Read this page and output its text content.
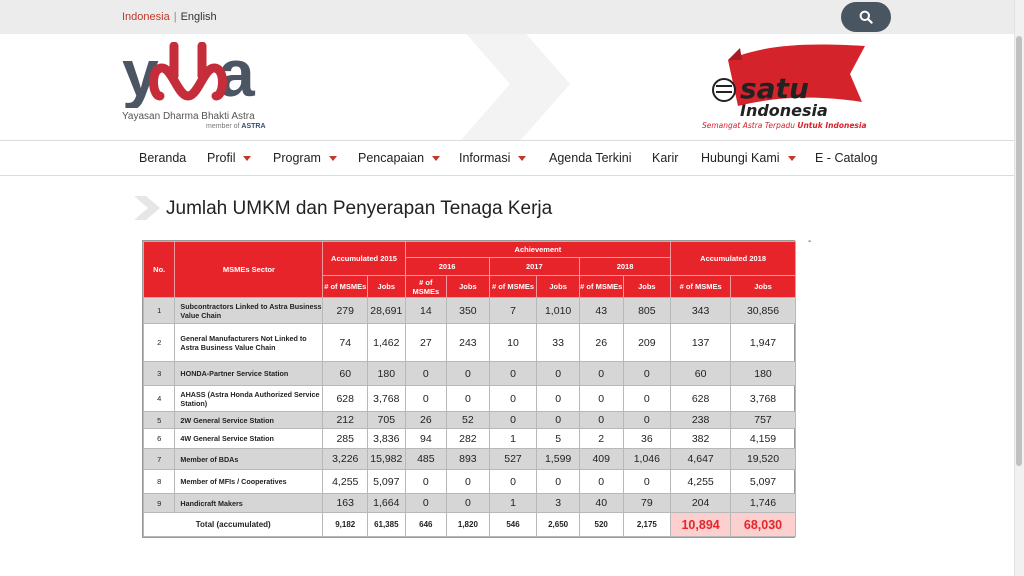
Indonesia | English
y a
Yayasan Dharma Bhakti Astra
member of ASTRA
satu
Indonesia
Semangat Astra Terpadu Untuk Indonesia
Beranda Profil	Program	Pencapaian	Informasi	Agenda Terkini Karir Hubungi Kami	E - Catalog
Jumlah UMKM dan Penyerapan Tenaga Kerja
-
No.	MSMEs Sector	Accumulated 2015		Achievement						Accumulated 2018	
				2016		2017		2018			
		# of MSMEs	Jobs	# of MSMEs	Jobs	# of MSMEs	Jobs	# of MSMEs	Jobs	# of MSMEs	Jobs
1	Subcontractors Linked to Astra Business Value Chain	279	28,691	14	350	7	1,010	43	805	343	30,856
2	General Manufacturers Not Linked to Astra Business Value Chain	74	1,462	27	243	10	33	26	209	137	1,947
3	HONDA-Partner Service Station	60	180	0	0	0	0	0	0	60	180
4	AHASS (Astra Honda Authorized Service Station)	628	3,768	0	0	0	0	0	0	628	3,768
5	2W General Service Station	212	705	26	52	0	0	0	0	238	757
6	4W General Service Station	285	3,836	94	282	1	5	2	36	382	4,159
7	Member of BDAs	3,226	15,982	485	893	527	1,599	409	1,046	4,647	19,520
8	Member of MFIs / Cooperatives	4,255	5,097	0	0	0	0	0	0	4,255	5,097
9	Handicraft Makers	163	1,664	0	0	1	3	40	79	204	1,746
Total (accumulated)		9,182	61,385	646	1,820	546	2,650	520	2,175	10,894	68,030
